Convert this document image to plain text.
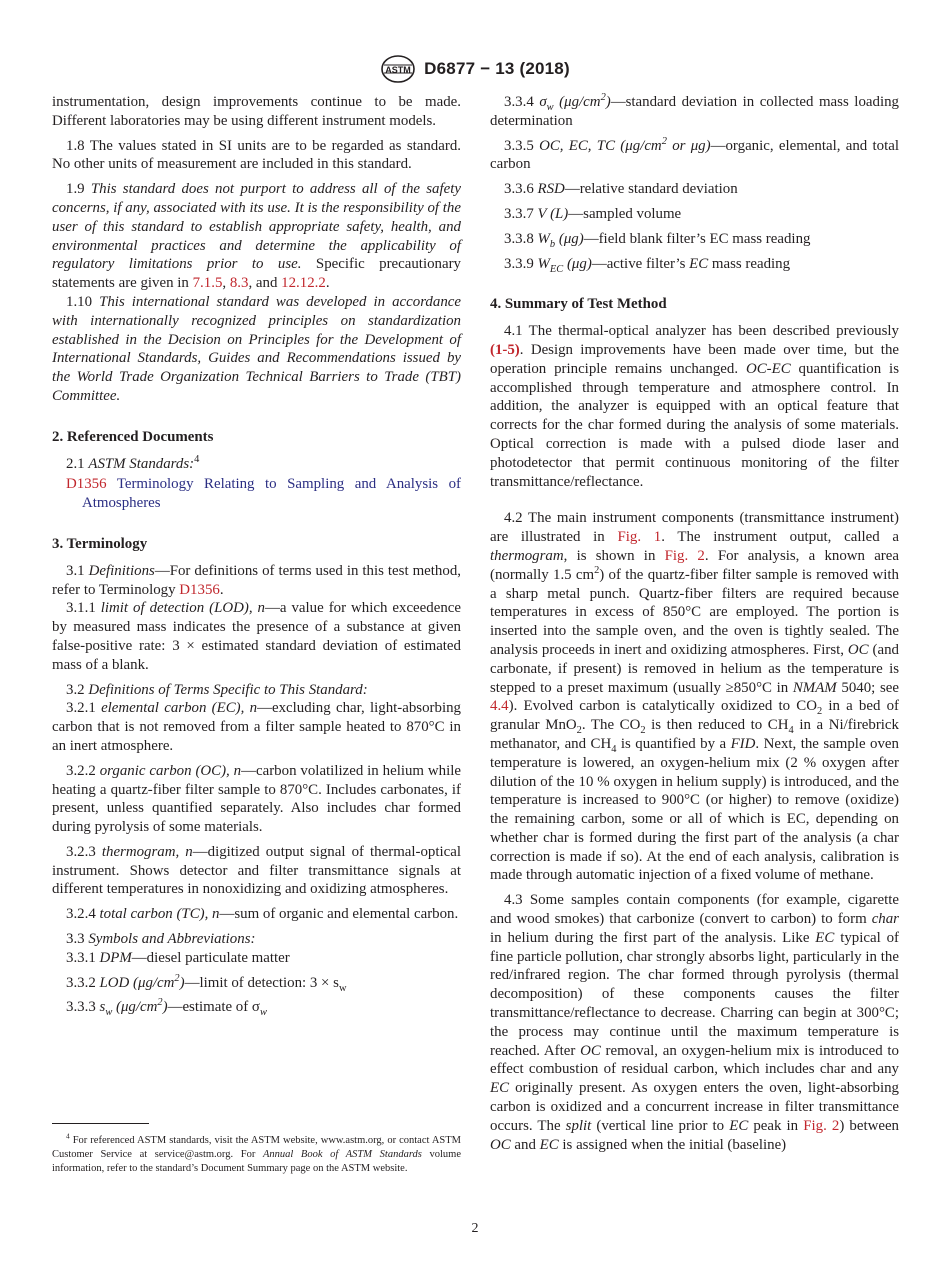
ASTM D6877 − 13 (2018)

instrumentation, design improvements continue to be made. Different laboratories may be using different instrument models.

1.8 The values stated in SI units are to be regarded as standard. No other units of measurement are included in this standard.

1.9 This standard does not purport to address all of the safety concerns, if any, associated with its use. It is the responsibility of the user of this standard to establish appropriate safety, health, and environmental practices and determine the applicability of regulatory limitations prior to use. Specific precautionary statements are given in 7.1.5, 8.3, and 12.12.2.

1.10 This international standard was developed in accordance with internationally recognized principles on standardization established in the Decision on Principles for the Development of International Standards, Guides and Recommendations issued by the World Trade Organization Technical Barriers to Trade (TBT) Committee.

2. Referenced Documents

2.1 ASTM Standards:$^4$

D1356 Terminology Relating to Sampling and Analysis of Atmospheres

3. Terminology

3.1 Definitions—For definitions of terms used in this test method, refer to Terminology D1356.

3.1.1 limit of detection (LOD), n—a value for which exceedence by measured mass indicates the presence of a substance at given false-positive rate: 3 × estimated standard deviation of estimated mass of a blank.

3.2 Definitions of Terms Specific to This Standard:

3.2.1 elemental carbon (EC), n—excluding char, light-absorbing carbon that is not removed from a filter sample heated to 870°C in an inert atmosphere.

3.2.2 organic carbon (OC), n—carbon volatilized in helium while heating a quartz-fiber filter sample to 870°C. Includes carbonates, if present, unless quantified separately. Also includes char formed during pyrolysis of some materials.

3.2.3 thermogram, n—digitized output signal of thermal-optical instrument. Shows detector and filter transmittance signals at different temperatures in nonoxidizing and oxidizing atmospheres.

3.2.4 total carbon (TC), n—sum of organic and elemental carbon.

3.3 Symbols and Abbreviations:

3.3.1 DPM—diesel particulate matter

3.3.2 LOD $(\mu g/cm^2)—limit$ of detection: $3 \times s_w$

3.3.3 $s_w$ $(\mu g/cm^2)—estimate$ of $\sigma_w$

$^4$ For referenced ASTM standards, visit the ASTM website, www.astm.org, or contact ASTM Customer Service at service@astm.org. For Annual Book of ASTM Standards volume information, refer to the standard’s Document Summary page on the ASTM website.

3.3.4 $\sigma_w$ $(\mu g/cm^2)—standard$ deviation in collected mass loading determination

3.3.5 OC, EC, TC ($\mu g/cm^2$ or μg)—organic, elemental, and total carbon

3.3.6 RSD—relative standard deviation

3.3.7 V (L)—sampled volume

3.3.8 $W_b$ (μg)—field blank filter’s EC mass reading

3.3.9 $W_{EC}$ (μg)—active filter’s EC mass reading

4. Summary of Test Method

4.1 The thermal-optical analyzer has been described previously (1-5). Design improvements have been made over time, but the operation principle remains unchanged. OC-EC quantification is accomplished through temperature and atmosphere control. In addition, the analyzer is equipped with an optical feature that corrects for the char formed during the analysis of some materials. Optical correction is made with a pulsed diode laser and photodetector that permit continuous monitoring of the filter transmittance/reflectance.

4.2 The main instrument components (transmittance instrument) are illustrated in Fig. 1. The instrument output, called a thermogram, is shown in Fig. 2. For analysis, a known area (normally 1.5 $cm^2$) of the quartz-fiber filter sample is removed with a sharp metal punch. Quartz-fiber filters are required because temperatures in excess of 850°C are employed. The portion is inserted into the sample oven, and the oven is tightly sealed. The analysis proceeds in inert and oxidizing atmospheres. First, OC (and carbonate, if present) is removed in helium as the temperature is stepped to a preset maximum (usually ≥850°C in NMAM 5040; see 4.4). Evolved carbon is catalytically oxidized to $CO_2$ in a bed of granular MnO$_2$. The $CO_2$ is then reduced to $CH_4$ in a Ni/firebrick methanator, and $CH_4$ is quantified by a FID. Next, the sample oven temperature is lowered, an oxygen-helium mix (2 % oxygen after dilution of the 10 % oxygen in helium supply) is introduced, and the temperature is increased to 900°C (or higher) to remove (oxidize) the remaining carbon, some or all of which is EC, depending on whether char is formed during the first part of the analysis (a char correction is made if so). At the end of each analysis, calibration is made through automatic injection of a fixed volume of methane.

4.3 Some samples contain components (for example, cigarette and wood smokes) that carbonize (convert to carbon) to form char in helium during the first part of the analysis. Like EC typical of fine particle pollution, char strongly absorbs light, particularly in the red/infrared region. The char formed through pyrolysis (thermal decomposition) of these components causes the filter transmittance/reflectance to decrease. Charring can begin at 300°C; the process may continue until the maximum temperature is reached. After OC removal, an oxygen-helium mix is introduced to effect combustion of residual carbon, which includes char and any EC originally present. As oxygen enters the oven, light-absorbing carbon is oxidized and a concurrent increase in filter transmittance occurs. The split (vertical line prior to EC peak in Fig. 2) between OC and EC is assigned when the initial (baseline)

2
